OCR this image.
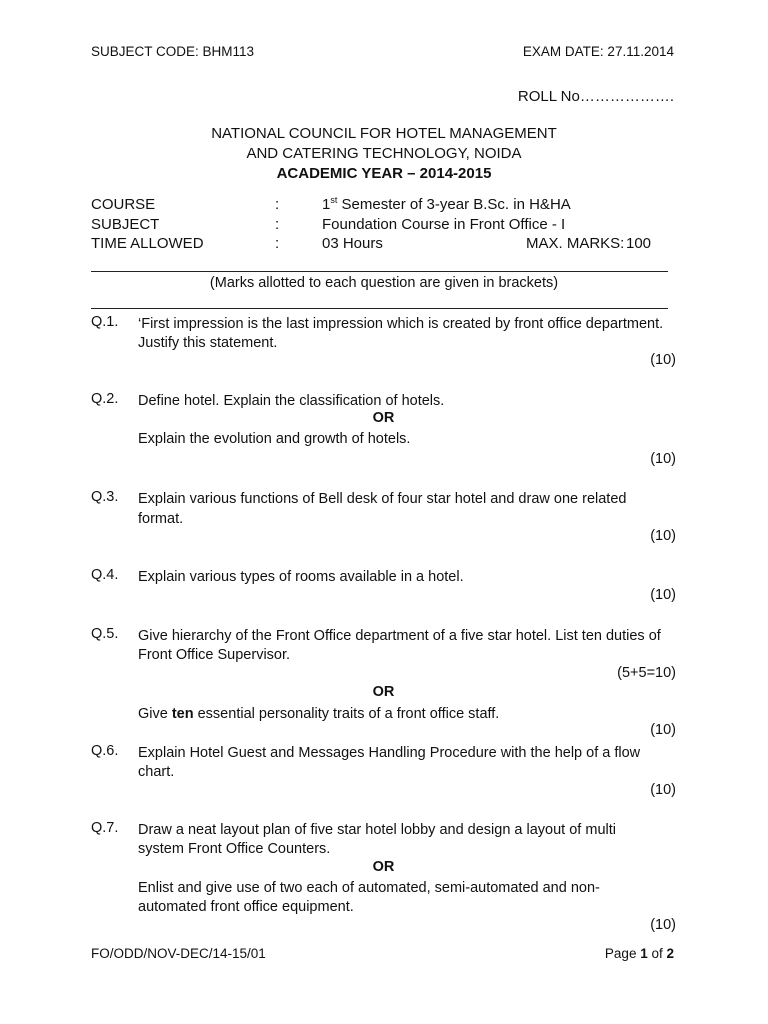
SUBJECT CODE: BHM113	EXAM DATE: 27.11.2014
ROLL No……………….
NATIONAL COUNCIL FOR HOTEL MANAGEMENT
AND CATERING TECHNOLOGY, NOIDA
ACADEMIC YEAR – 2014-2015
COURSE	:	1st Semester of 3-year B.Sc. in H&HA
SUBJECT	:	Foundation Course in Front Office - I
TIME ALLOWED	:	03 Hours	MAX. MARKS: 100
(Marks allotted to each question are given in brackets)
Q.1. ‘First impression is the last impression which is created by front office department.
Justify this statement.
(10)
Q.2. Define hotel. Explain the classification of hotels.
OR
Explain the evolution and growth of hotels.
(10)
Q.3. Explain various functions of Bell desk of four star hotel and draw one related
format.
(10)
Q.4. Explain various types of rooms available in a hotel.
(10)
Q.5. Give hierarchy of the Front Office department of a five star hotel. List ten duties of
Front Office Supervisor.
(5+5=10)
OR
Give ten essential personality traits of a front office staff.
(10)
Q.6. Explain Hotel Guest and Messages Handling Procedure with the help of a flow
chart.
(10)
Q.7. Draw a neat layout plan of five star hotel lobby and design a layout of multi
system Front Office Counters.
OR
Enlist and give use of two each of automated, semi-automated and non-
automated front office equipment.
(10)
FO/ODD/NOV-DEC/14-15/01	Page 1 of 2
